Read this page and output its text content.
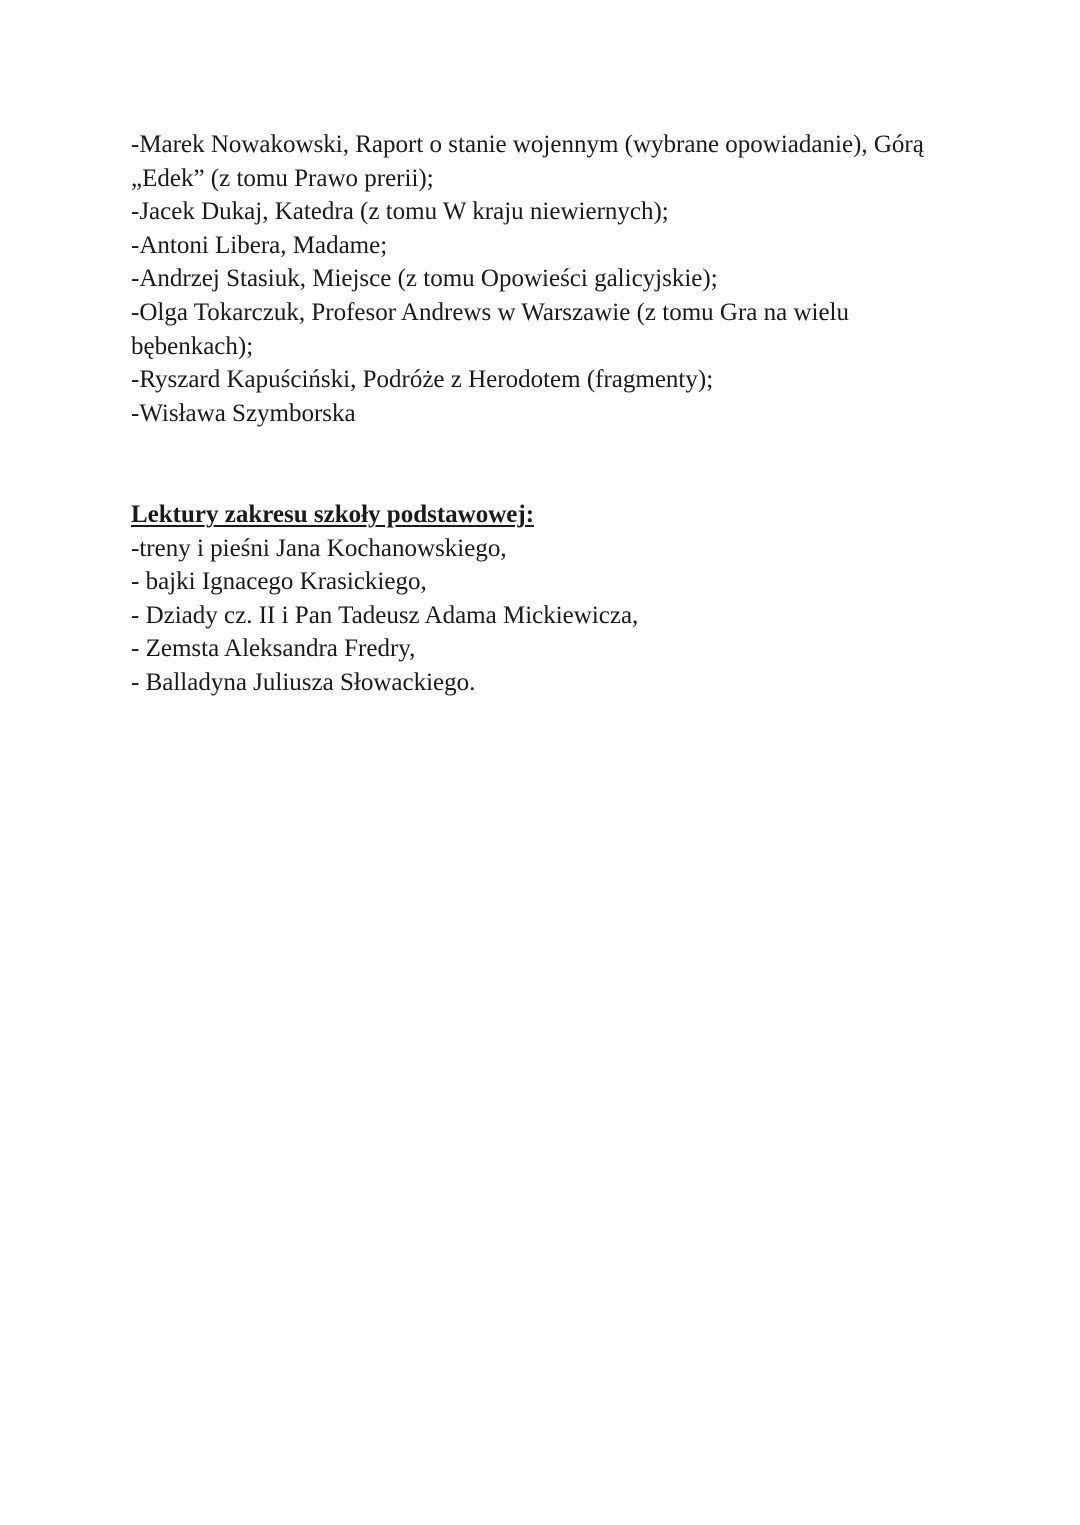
-Marek Nowakowski, Raport o stanie wojennym (wybrane opowiadanie), Górą
„Edek” (z tomu Prawo prerii);
-Jacek Dukaj, Katedra (z tomu W kraju niewiernych);
-Antoni Libera, Madame;
-Andrzej Stasiuk, Miejsce (z tomu Opowieści galicyjskie);
-Olga Tokarczuk, Profesor Andrews w Warszawie (z tomu Gra na wielu
bębenkach);
-Ryszard Kapuściński, Podróże z Herodotem (fragmenty);
-Wisława Szymborska
Lektury zakresu szkoły podstawowej:
-treny i pieśni Jana Kochanowskiego,
- bajki Ignacego Krasickiego,
- Dziady cz. II i Pan Tadeusz Adama Mickiewicza,
- Zemsta Aleksandra Fredry,
- Balladyna Juliusza Słowackiego.
